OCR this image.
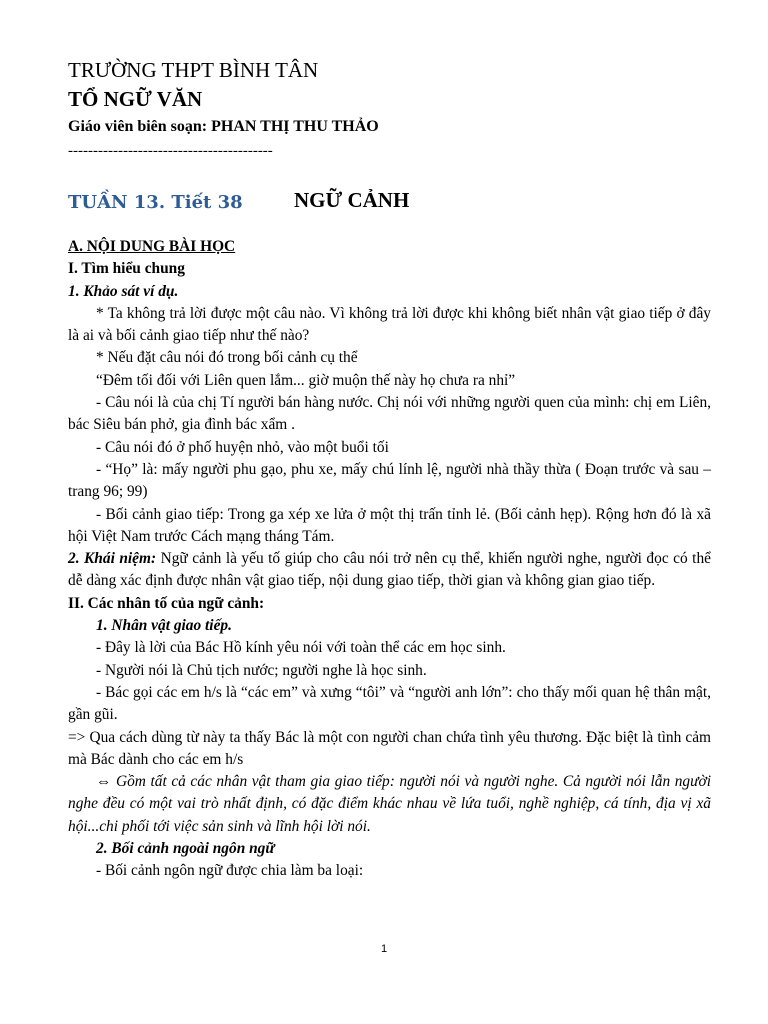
TRƯỜNG THPT BÌNH TÂN

TỔ NGỮ VĂN

Giáo viên biên soạn: PHAN THỊ THU THẢO

-----------------------------------------

TUẦN 13. Tiết 38 NGỮ CẢNH

A. NỘI DUNG BÀI HỌC

I. Tìm hiểu chung

1. Khảo sát ví dụ.

* Ta không trả lời được một câu nào. Vì không trả lời được khi không biết nhân vật giao tiếp ở đây là ai và bối cảnh giao tiếp như thế nào?

* Nếu đặt câu nói đó trong bối cảnh cụ thể

“Đêm tối đối với Liên quen lắm... giờ muộn thế này họ chưa ra nhỉ”

- Câu nói là của chị Tí người bán hàng nước. Chị nói với những người quen của mình: chị em Liên, bác Siêu bán phở, gia đình bác xẩm .

- Câu nói đó ở phố huyện nhỏ, vào một buổi tối

- “Họ” là: mấy người phu gạo, phu xe, mấy chú lính lệ, người nhà thầy thừa ( Đoạn trước và sau – trang 96; 99)

- Bối cảnh giao tiếp: Trong ga xép xe lửa ở một thị trấn tỉnh lẻ. (Bối cảnh hẹp). Rộng hơn đó là xã hội Việt Nam trước Cách mạng tháng Tám.

2. Khái niệm: Ngữ cảnh là yếu tố giúp cho câu nói trở nên cụ thể, khiến người nghe, người đọc có thể dễ dàng xác định được nhân vật giao tiếp, nội dung giao tiếp, thời gian và không gian giao tiếp.

II. Các nhân tố của ngữ cảnh:

1. Nhân vật giao tiếp.

- Đây là lời của Bác Hồ kính yêu nói với toàn thể các em học sinh.

- Người nói là Chủ tịch nước; người nghe là học sinh.

- Bác gọi các em h/s là “các em” và xưng “tôi” và “người anh lớn”: cho thấy mối quan hệ thân mật, gần gũi.

=> Qua cách dùng từ này ta thấy Bác là một con người chan chứa tình yêu thương. Đặc biệt là tình cảm mà Bác dành cho các em h/s

⇔ Gồm tất cả các nhân vật tham gia giao tiếp: người nói và người nghe. Cả người nói lẫn người nghe đều có một vai trò nhất định, có đặc điểm khác nhau về lứa tuổi, nghề nghiệp, cá tính, địa vị xã hội...chi phối tới việc sản sinh và lĩnh hội lời nói.

2. Bối cảnh ngoài ngôn ngữ

- Bối cảnh ngôn ngữ được chia làm ba loại:

1
